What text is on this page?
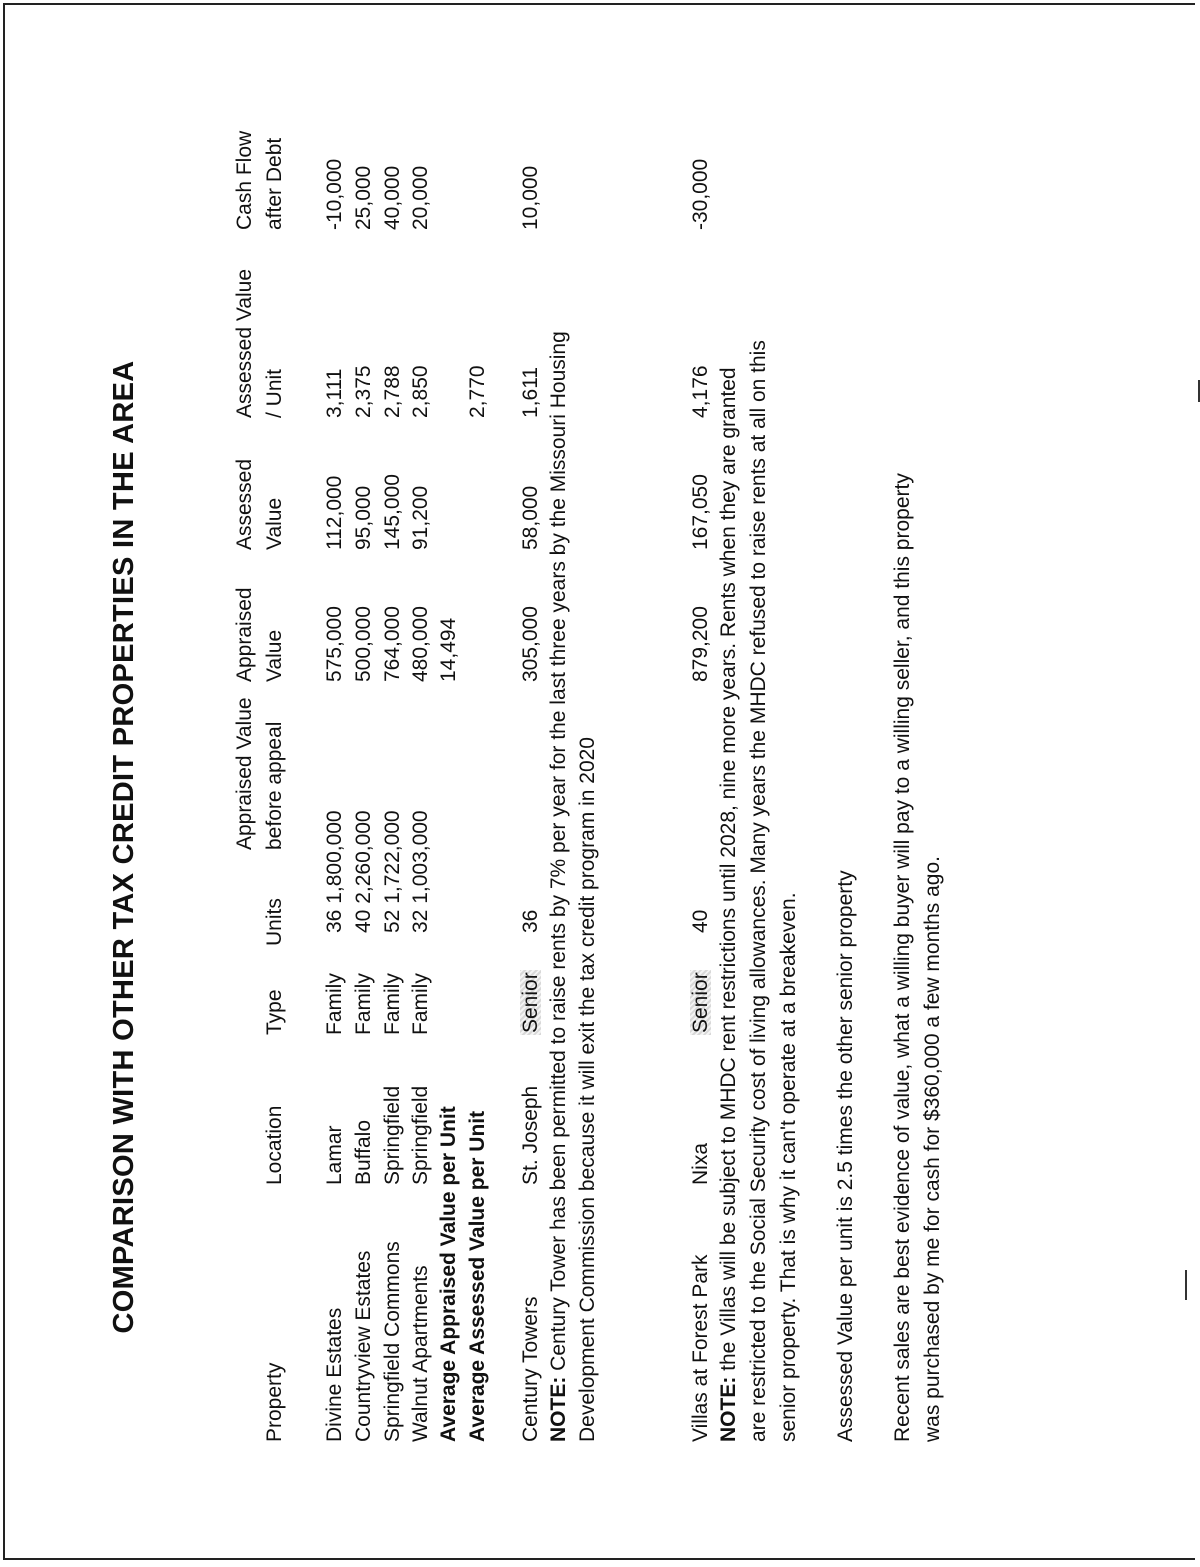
COMPARISON WITH OTHER TAX CREDIT PROPERTIES IN THE AREA
Property
Location
Type
Units
Appraised Value before appeal
Appraised Value
Assessed Value
Assessed Value / Unit
Cash Flow after Debt
Divine Estates
Lamar
Family
36 1,800,000
575,000
112,000
3,111
-10,000
Countryview Estates
Buffalo
Family
40 2,260,000
500,000
95,000
2,375
25,000
Springfield Commons
Springfield
Family
52 1,722,000
764,000
145,000
2,788
40,000
Walnut Apartments
Springfield
Family
32 1,003,000
480,000
91,200
2,850
20,000
Average Appraised Value per Unit
14,494
Average Assessed Value per Unit
2,770
Century Towers
St. Joseph
Senior
36
305,000
58,000
1,611
10,000
NOTE: Century Tower has been permitted to raise rents by 7% per year for the last three years by the Missouri Housing Development Commission because it will exit the tax credit program in 2020	Villas at Forest Park
Nixa
Senior
40
879,200
167,050
4,176
-30,000
NOTE: the Villas will be subject to MHDC rent restrictions until 2028, nine more years. Rents when they are granted are restricted to the Social Security cost of living allowances. Many years the MHDC refused to raise rents at all on this senior property. That is why it can't operate at a breakeven. Assessed Value per unit is 2.5 times the other senior property Recent sales are best evidence of value, what a willing buyer will pay to a willing seller, and this property was purchased by me for cash for $360,000 a few months ago.
